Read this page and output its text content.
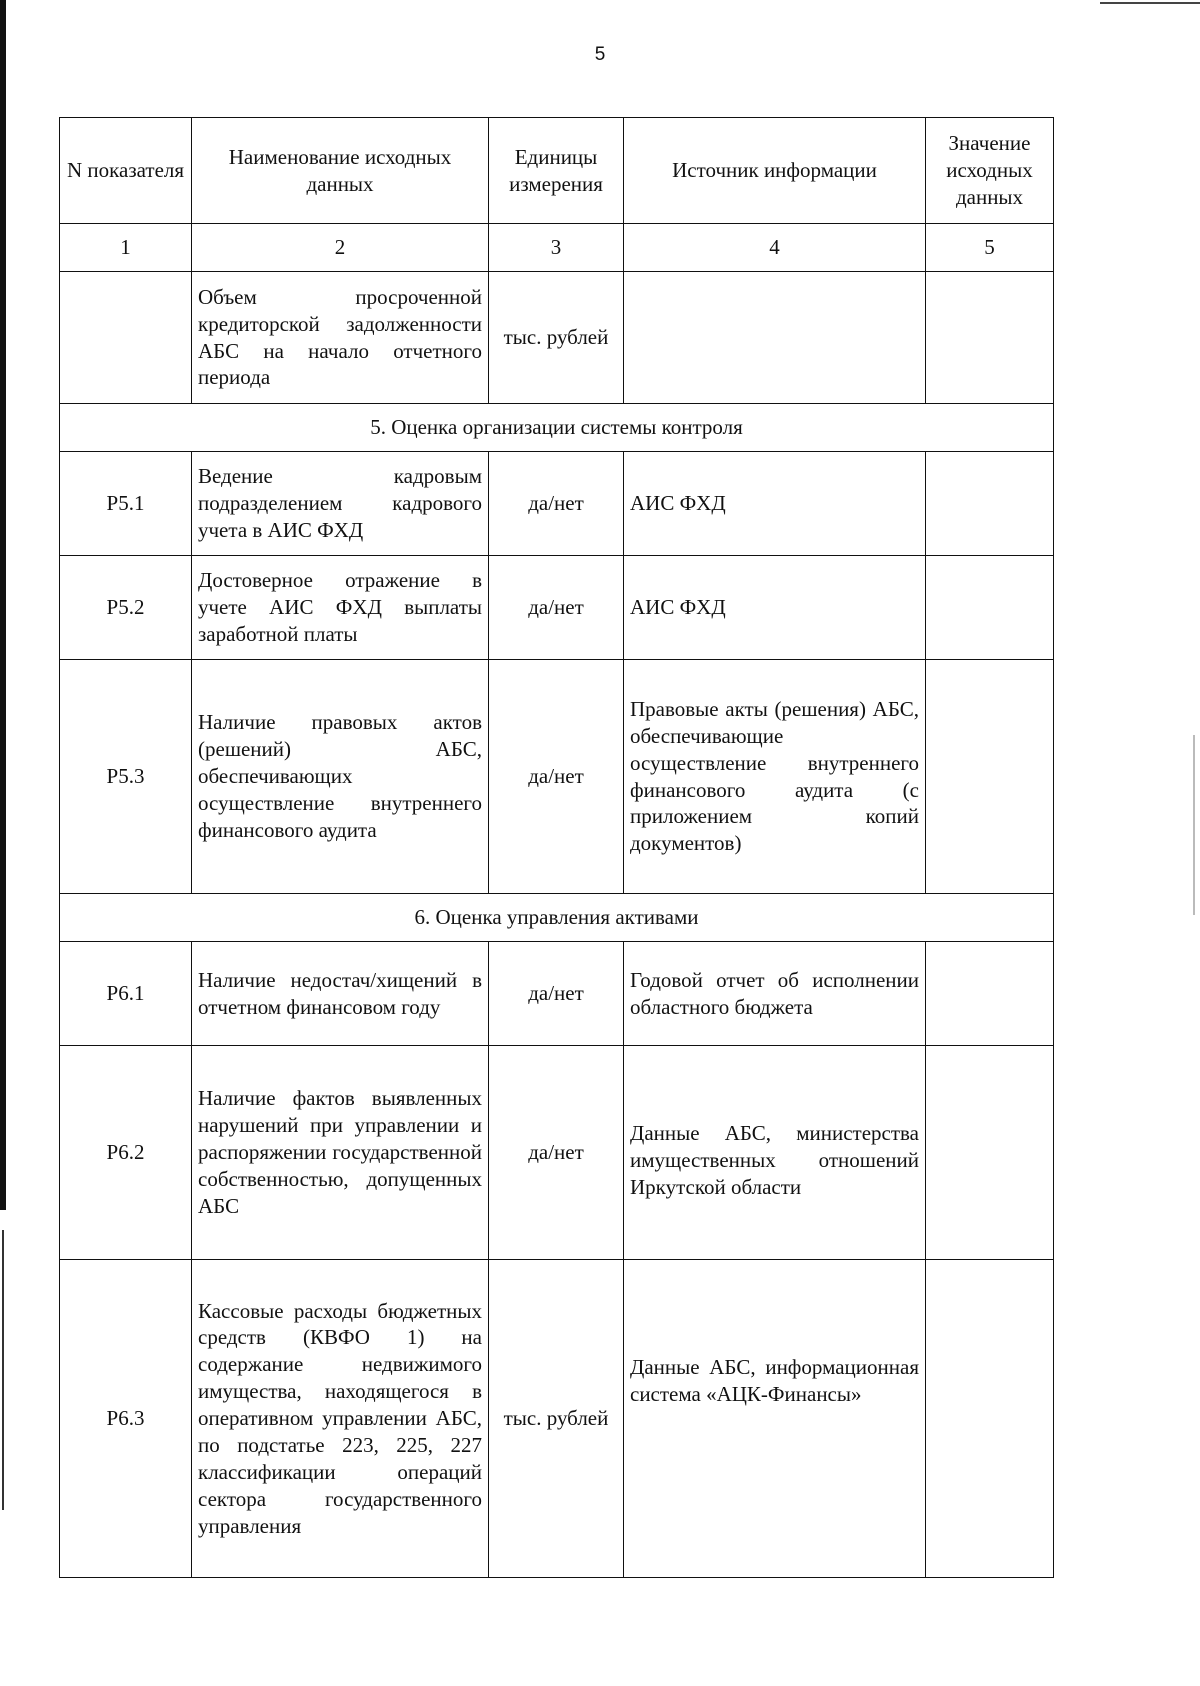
5
N показателя	Наименование исходных данных	Единицы измерения	Источник информации	Значение исходных данных
1	2	3	4	5
	Объем просроченной кредиторской задолженности АБС на начало отчетного периода	тыс. рублей		
5. Оценка организации системы контроля				
Р5.1	Ведение кадровым подразделением кадрового учета в АИС ФХД	да/нет	АИС ФХД	
Р5.2	Достоверное отражение в учете АИС ФХД выплаты заработной платы	да/нет	АИС ФХД	
Р5.3	Наличие правовых актов (решений) АБС, обеспечивающих осуществление внутреннего финансового аудита	да/нет	Правовые акты (решения) АБС, обеспечивающие осуществление внутреннего финансового аудита (с приложением копий документов)	
6. Оценка управления активами				
Р6.1	Наличие недостач/хищений в отчетном финансовом году	да/нет	Годовой отчет об исполнении областного бюджета	
Р6.2	Наличие фактов выявленных нарушений при управлении и распоряжении государственной собственностью, допущенных АБС	да/нет	Данные АБС, министерства имущественных отношений Иркутской области	
Р6.3	Кассовые расходы бюджетных средств (КВФО 1) на содержание недвижимого имущества, находящегося в оперативном управлении АБС, по подстатье 223, 225, 227 классификации операций сектора государственного управления	тыс. рублей	Данные АБС, информационная система «АЦК-Финансы»	
